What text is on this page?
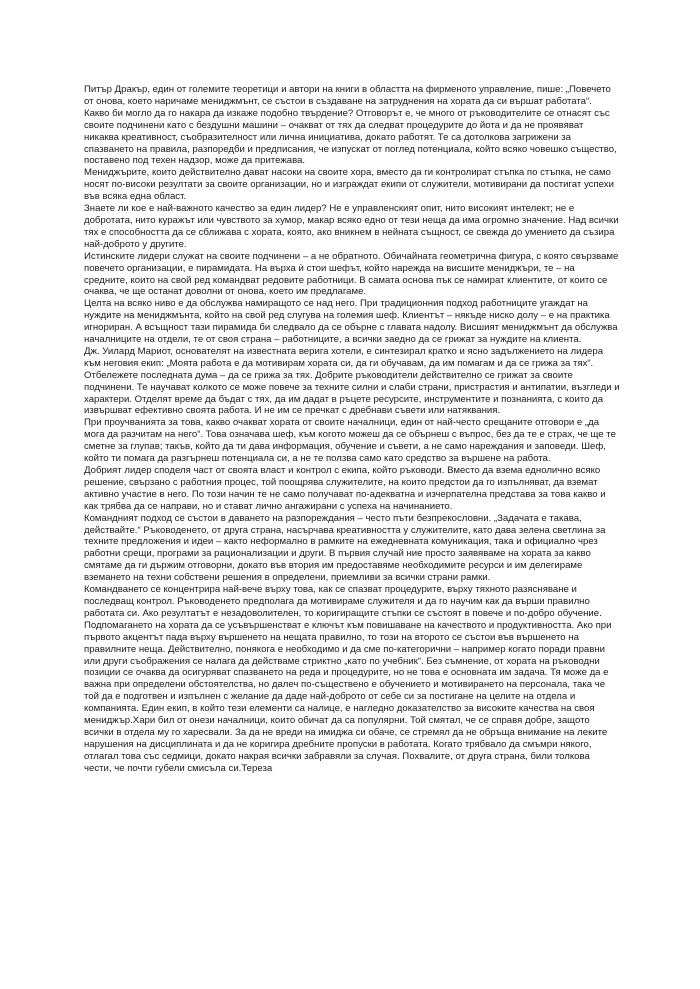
Питър Дракър, един от големите теоретици и автори на книги в областта на фирменото управление, пише: „Повечето от онова, което наричаме мениджмънт, се състои в създаване на затруднения на хората да си вършат работата“.

Какво би могло да го накара да изкаже подобно твърдение? Отговорът е, че много от ръководителите се отнасят със своите подчинени като с бездушни машини – очакват от тях да следват процедурите до йота и да не проявяват никаква креативност, съобразителност или лична инициатива, докато работят. Те са дотолкова загрижени за спазването на правила, разпоредби и предписания, че изпускат от поглед потенциала, който всяко човешко същество, поставено под техен надзор, може да притежава.

Мениджърите, които действително дават насоки на своите хора, вместо да ги контролират стъпка по стъпка, не само носят по-високи резултати за своите организации, но и изграждат екипи от служители, мотивирани да постигат успехи във всяка една област.

Знаете ли кое е най-важното качество за един лидер? Не е управленският опит, нито високият интелект; не е добротата, нито куражът или чувството за хумор, макар всяко едно от тези неща да има огромно значение. Над всички тях е способността да се сближава с хората, която, ако вникнем в нейната същност, се свежда до умението да съзира най-доброто у другите.

Истинските лидери служат на своите подчинени – а не обратното. Обичайната геометрична фигура, с която свързваме повечето организации, е пирамидата. На върха ѝ стои шефът, който нарежда на висшите мениджъри, те – на средните, които на свой ред командват редовите работници. В самата основа пък се намират клиентите, от които се очаква, че ще останат доволни от онова, което им предлагаме.

Целта на всяко ниво е да обслужва намиращото се над него. При традиционния подход работниците угаждат на нуждите на мениджмънта, който на свой ред слугува на големия шеф. Клиентът – някъде ниско долу – е на практика игнориран. А всъщност тази пирамида би следвало да се обърне с главата надолу. Висшият мениджмънт да обслужва началниците на отдели, те от своя страна – работниците, а всички заедно да се грижат за нуждите на клиента.

Дж. Уилард Мариот, основателят на известната верига хотели, е синтезирал кратко и ясно задължението на лидера към неговия екип: „Моята работа е да мотивирам хората си, да ги обучавам, да им помагам и да се грижа за тях“. Отбележете последната дума – да се грижа за тях. Добрите ръководители действително се грижат за своите подчинени. Те научават колкото се може повече за техните силни и слаби страни, пристрастия и антипатии, възгледи и характери. Отделят време да бъдат с тях, да им дадат в ръцете ресурсите, инструментите и познанията, с които да извършват ефективно своята работа. И не им се пречкат с дребнави съвети или натяквания.

При проучванията за това, какво очакват хората от своите началници, един от най-често срещаните отговори е „да мога да разчитам на него“. Това означава шеф, към когото можеш да се обърнеш с въпрос, без да те е страх, че ще те сметне за глупав; такъв, който да ти дава информация, обучение и съвети, а не само нареждания и заповеди. Шеф, който ти помага да разгърнеш потенциала си, а не те ползва само като средство за вършене на работа.

Добрият лидер споделя част от своята власт и контрол с екипа, който ръководи. Вместо да взема еднолично всяко решение, свързано с работния процес, той поощрява служителите, на които предстои да го изпълняват, да вземат активно участие в него. По този начин те не само получават по-адекватна и изчерпателна представа за това какво и как трябва да се направи, но и стават лично ангажирани с успеха на начинанието.

Командният подход се състои в даването на разпореждания – често пъти безпрекословни. „Задачата е такава, действайте.“ Ръководенето, от друга страна, насърчава креативността у служителите, като дава зелена светлина за техните предложения и идеи – както неформално в рамките на ежедневната комуникация, така и официално чрез работни срещи, програми за рационализации и други. В първия случай ние просто заявяваме на хората за какво смятаме да ги държим отговорни, докато във втория им предоставяме необходимите ресурси и им делегираме вземането на техни собствени решения в определени, приемливи за всички страни рамки.

Командването се концентрира най-вече върху това, как се спазват процедурите, върху тяхното разясняване и последващ контрол. Ръководенето предполага да мотивираме служителя и да го научим как да върши правилно работата си. Ако резултатът е незадоволителен, то коригиращите стъпки се състоят в повече и по-добро обучение. Подпомагането на хората да се усъвършенстват е ключът към повишаване на качеството и продуктивността. Ако при първото акцентът пада върху вършенето на нещата правилно, то този на второто се състои във вършенето на правилните неща. Действително, понякога е необходимо и да сме по-категорични – например когато поради правни или други съображения се налага да действаме стриктно „като по учебник“. Без съмнение, от хората на ръководни позиции се очаква да осигуряват спазването на реда и процедурите, но не това е основната им задача. Тя може да е важна при определени обстоятелства, но далеч по-съществено е обучението и мотивирането на персонала, така че той да е подготвен и изпълнен с желание да даде най-доброто от себе си за постигане на целите на отдела и компанията. Един екип, в който тези елементи са налице, е нагледно доказателство за високите качества на своя мениджър.Хари бил от онези началници, които обичат да са популярни. Той смятал, че се справя добре, защото всички в отдела му го харесвали. За да не вреди на имиджа си обаче, се стремял да не обръща внимание на леките нарушения на дисциплината и да не коригира дребните пропуски в работата. Когато трябвало да смъмри някого, отлагал това със седмици, докато накрая всички забравяли за случая. Похвалите, от друга страна, били толкова чести, че почти губели смисъла си.Тереза
